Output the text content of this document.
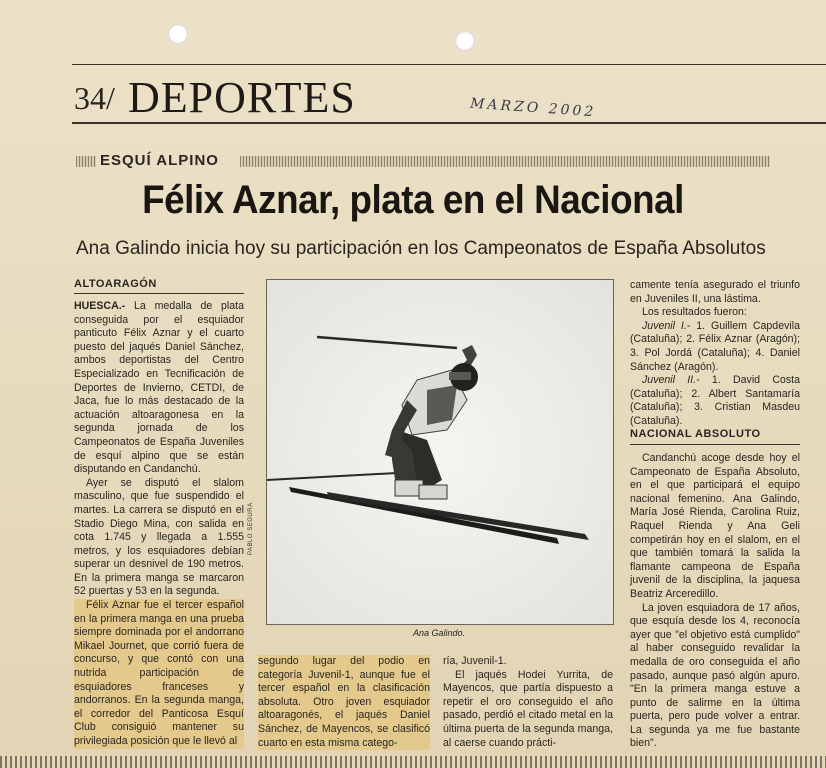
34/ DEPORTES	MARZO 2002
ESQUÍ ALPINO
Félix Aznar, plata en el Nacional
Ana Galindo inicia hoy su participación en los Campeonatos de España Absolutos
ALTOARAGÓN

HUESCA.- La medalla de plata conseguida por el esquiador panticuto Félix Aznar y el cuarto puesto del jaqués Daniel Sánchez, ambos deportistas del Centro Especializado en Tecnificación de Deportes de Invierno, CETDI, de Jaca, fue lo más destacado de la actuación altoaragonesa en la segunda jornada de los Campeonatos de España Juveniles de esquí alpino que se están disputando en Candanchú.

Ayer se disputó el slalom masculino, que fue suspendido el martes. La carrera se disputó en el Stadio Diego Mina, con salida en cota 1.745 y llegada a 1.555 metros, y los esquiadores debían superar un desnivel de 190 metros. En la primera manga se marcaron 52 puertas y 53 en la segunda.

Félix Aznar fue el tercer español en la primera manga en una prueba siempre dominada por el andorrano Mikael Journet, que corrió fuera de concurso, y que contó con una nutrida participación de esquiadores franceses y andorranos. En la segunda manga, el corredor del Panticosa Esquí Club consiguió mantener su privilegiada posición que le llevó al

PABLO SEGURA
Ana Galindo.

segundo lugar del podio en categoría Juvenil-1, aunque fue el tercer español en la clasificación absoluta. Otro joven esquiador altoaragonés, el jaqués Daniel Sánchez, de Mayencos, se clasificó cuarto en esta misma catego-

ría, Juvenil-1.

El jaqués Hodei Yurrita, de Mayencos, que partía dispuesto a repetir el oro conseguido el año pasado, perdió el citado metal en la última puerta de la segunda manga, al caerse cuando prácti-

camente tenía asegurado el triunfo en Juveniles II, una lástima.

Los resultados fueron:

Juvenil I.- 1. Guillem Capdevila (Cataluña); 2. Félix Aznar (Aragón); 3. Pol Jordá (Cataluña); 4. Daniel Sánchez (Aragón).

Juvenil II.- 1. David Costa (Cataluña); 2. Albert Santamaría (Cataluña); 3. Cristian Masdeu (Cataluña).

NACIONAL ABSOLUTO

Candanchú acoge desde hoy el Campeonato de España Absoluto, en el que participará el equipo nacional femenino. Ana Galindo, María José Rienda, Carolina Ruiz, Raquel Rienda y Ana Geli competirán hoy en el slalom, en el que también tomará la salida la flamante campeona de España juvenil de la disciplina, la jaquesa Beatriz Arceredillo.

La joven esquiadora de 17 años, que esquía desde los 4, reconocía ayer que "el objetivo está cumplido" al haber conseguido revalidar la medalla de oro conseguida el año pasado, aunque pasó algún apuro. "En la primera manga estuve a punto de salirme en la última puerta, pero pude volver a entrar. La segunda ya me fue bastante bien".
